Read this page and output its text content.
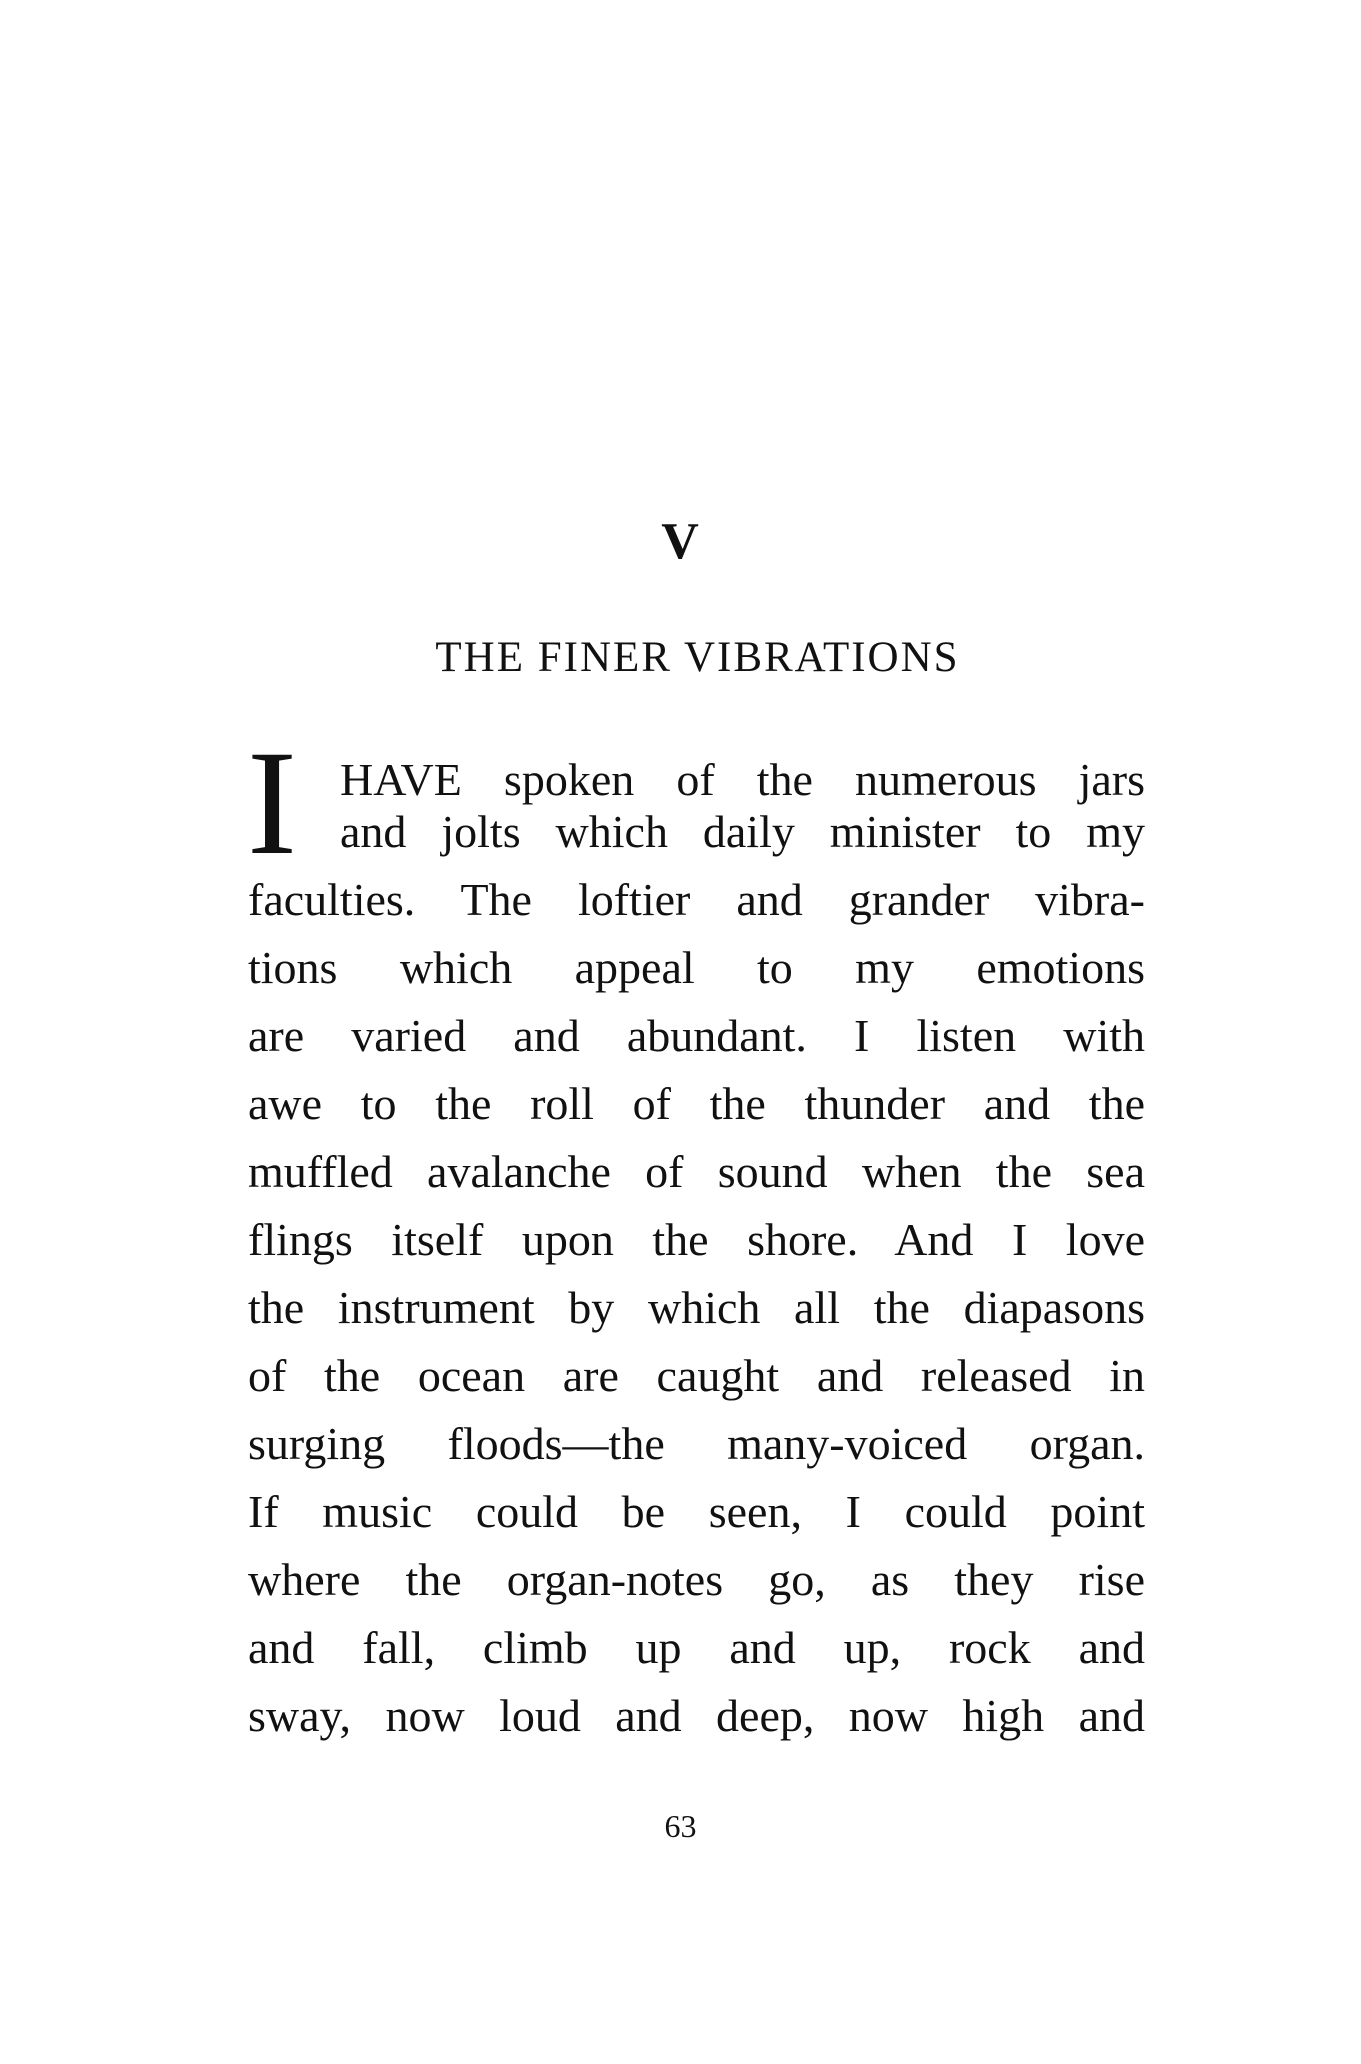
V
THE FINER VIBRATIONS
I HAVE spoken of the numerous jars
and jolts which daily minister to my
faculties. The loftier and grander vibra-
tions which appeal to my emotions
are varied and abundant. I listen with
awe to the roll of the thunder and the
muffled avalanche of sound when the sea
flings itself upon the shore. And I love
the instrument by which all the diapasons
of the ocean are caught and released in
surging floods—the many-voiced organ.
If music could be seen, I could point
where the organ-notes go, as they rise
and fall, climb up and up, rock and
sway, now loud and deep, now high and
63
